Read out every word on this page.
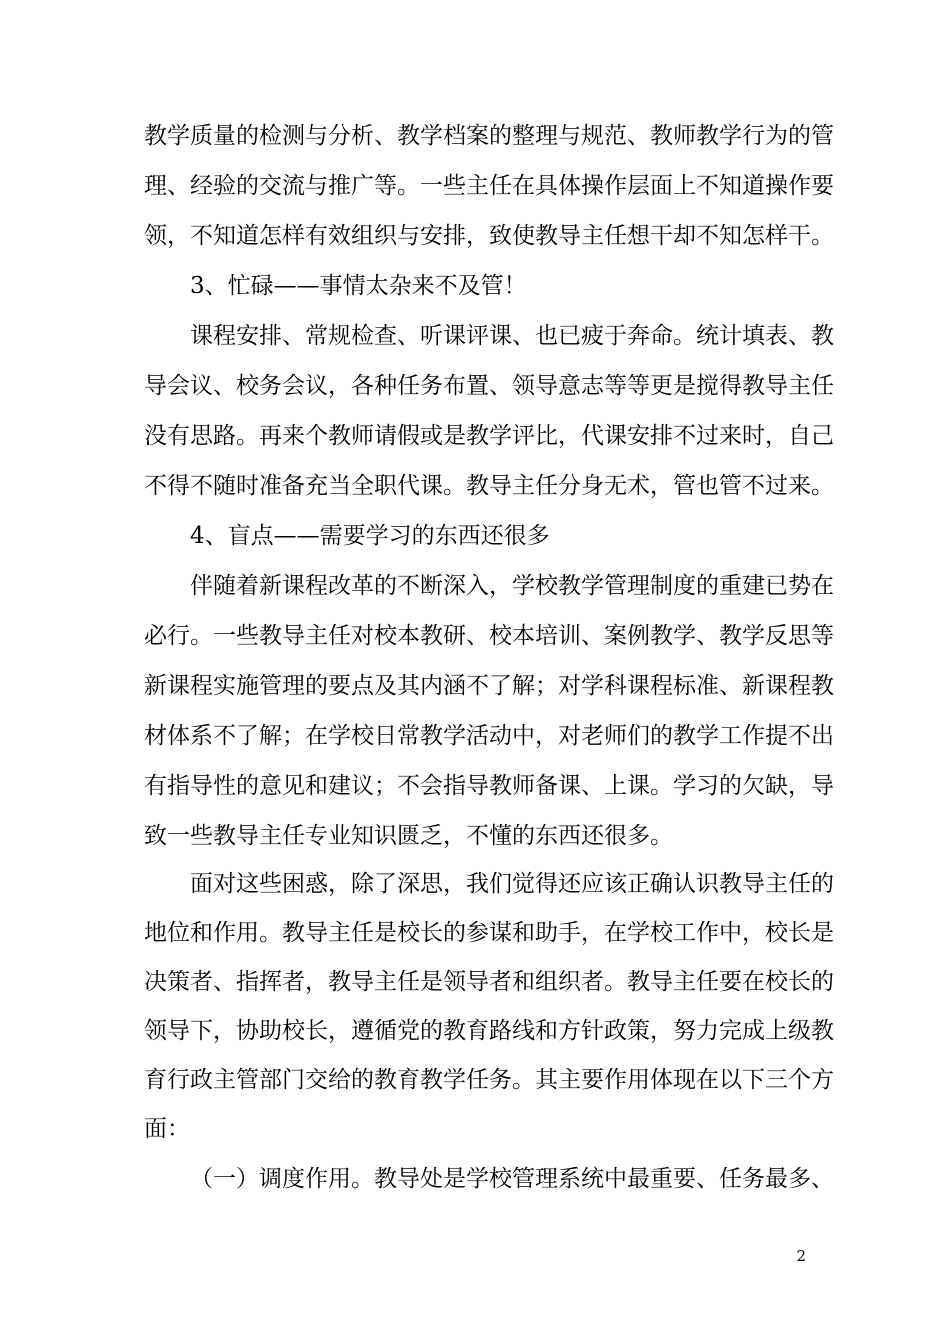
教学质量的检测与分析、教学档案的整理与规范、教师教学行为的管
理、经验的交流与推广等。一些主任在具体操作层面上不知道操作要
领，不知道怎样有效组织与安排，致使教导主任想干却不知怎样干。
3、忙碌——事情太杂来不及管！
课程安排、常规检查、听课评课、也已疲于奔命。统计填表、教
导会议、校务会议，各种任务布置、领导意志等等更是搅得教导主任
没有思路。再来个教师请假或是教学评比，代课安排不过来时，自己
不得不随时准备充当全职代课。教导主任分身无术，管也管不过来。
4、盲点——需要学习的东西还很多
伴随着新课程改革的不断深入，学校教学管理制度的重建已势在
必行。一些教导主任对校本教研、校本培训、案例教学、教学反思等
新课程实施管理的要点及其内涵不了解；对学科课程标准、新课程教
材体系不了解；在学校日常教学活动中，对老师们的教学工作提不出
有指导性的意见和建议；不会指导教师备课、上课。学习的欠缺，导
致一些教导主任专业知识匮乏，不懂的东西还很多。
面对这些困惑，除了深思，我们觉得还应该正确认识教导主任的
地位和作用。教导主任是校长的参谋和助手，在学校工作中，校长是
决策者、指挥者，教导主任是领导者和组织者。教导主任要在校长的
领导下，协助校长，遵循党的教育路线和方针政策，努力完成上级教
育行政主管部门交给的教育教学任务。其主要作用体现在以下三个方
面：
（一）调度作用。教导处是学校管理系统中最重要、任务最多、
2
